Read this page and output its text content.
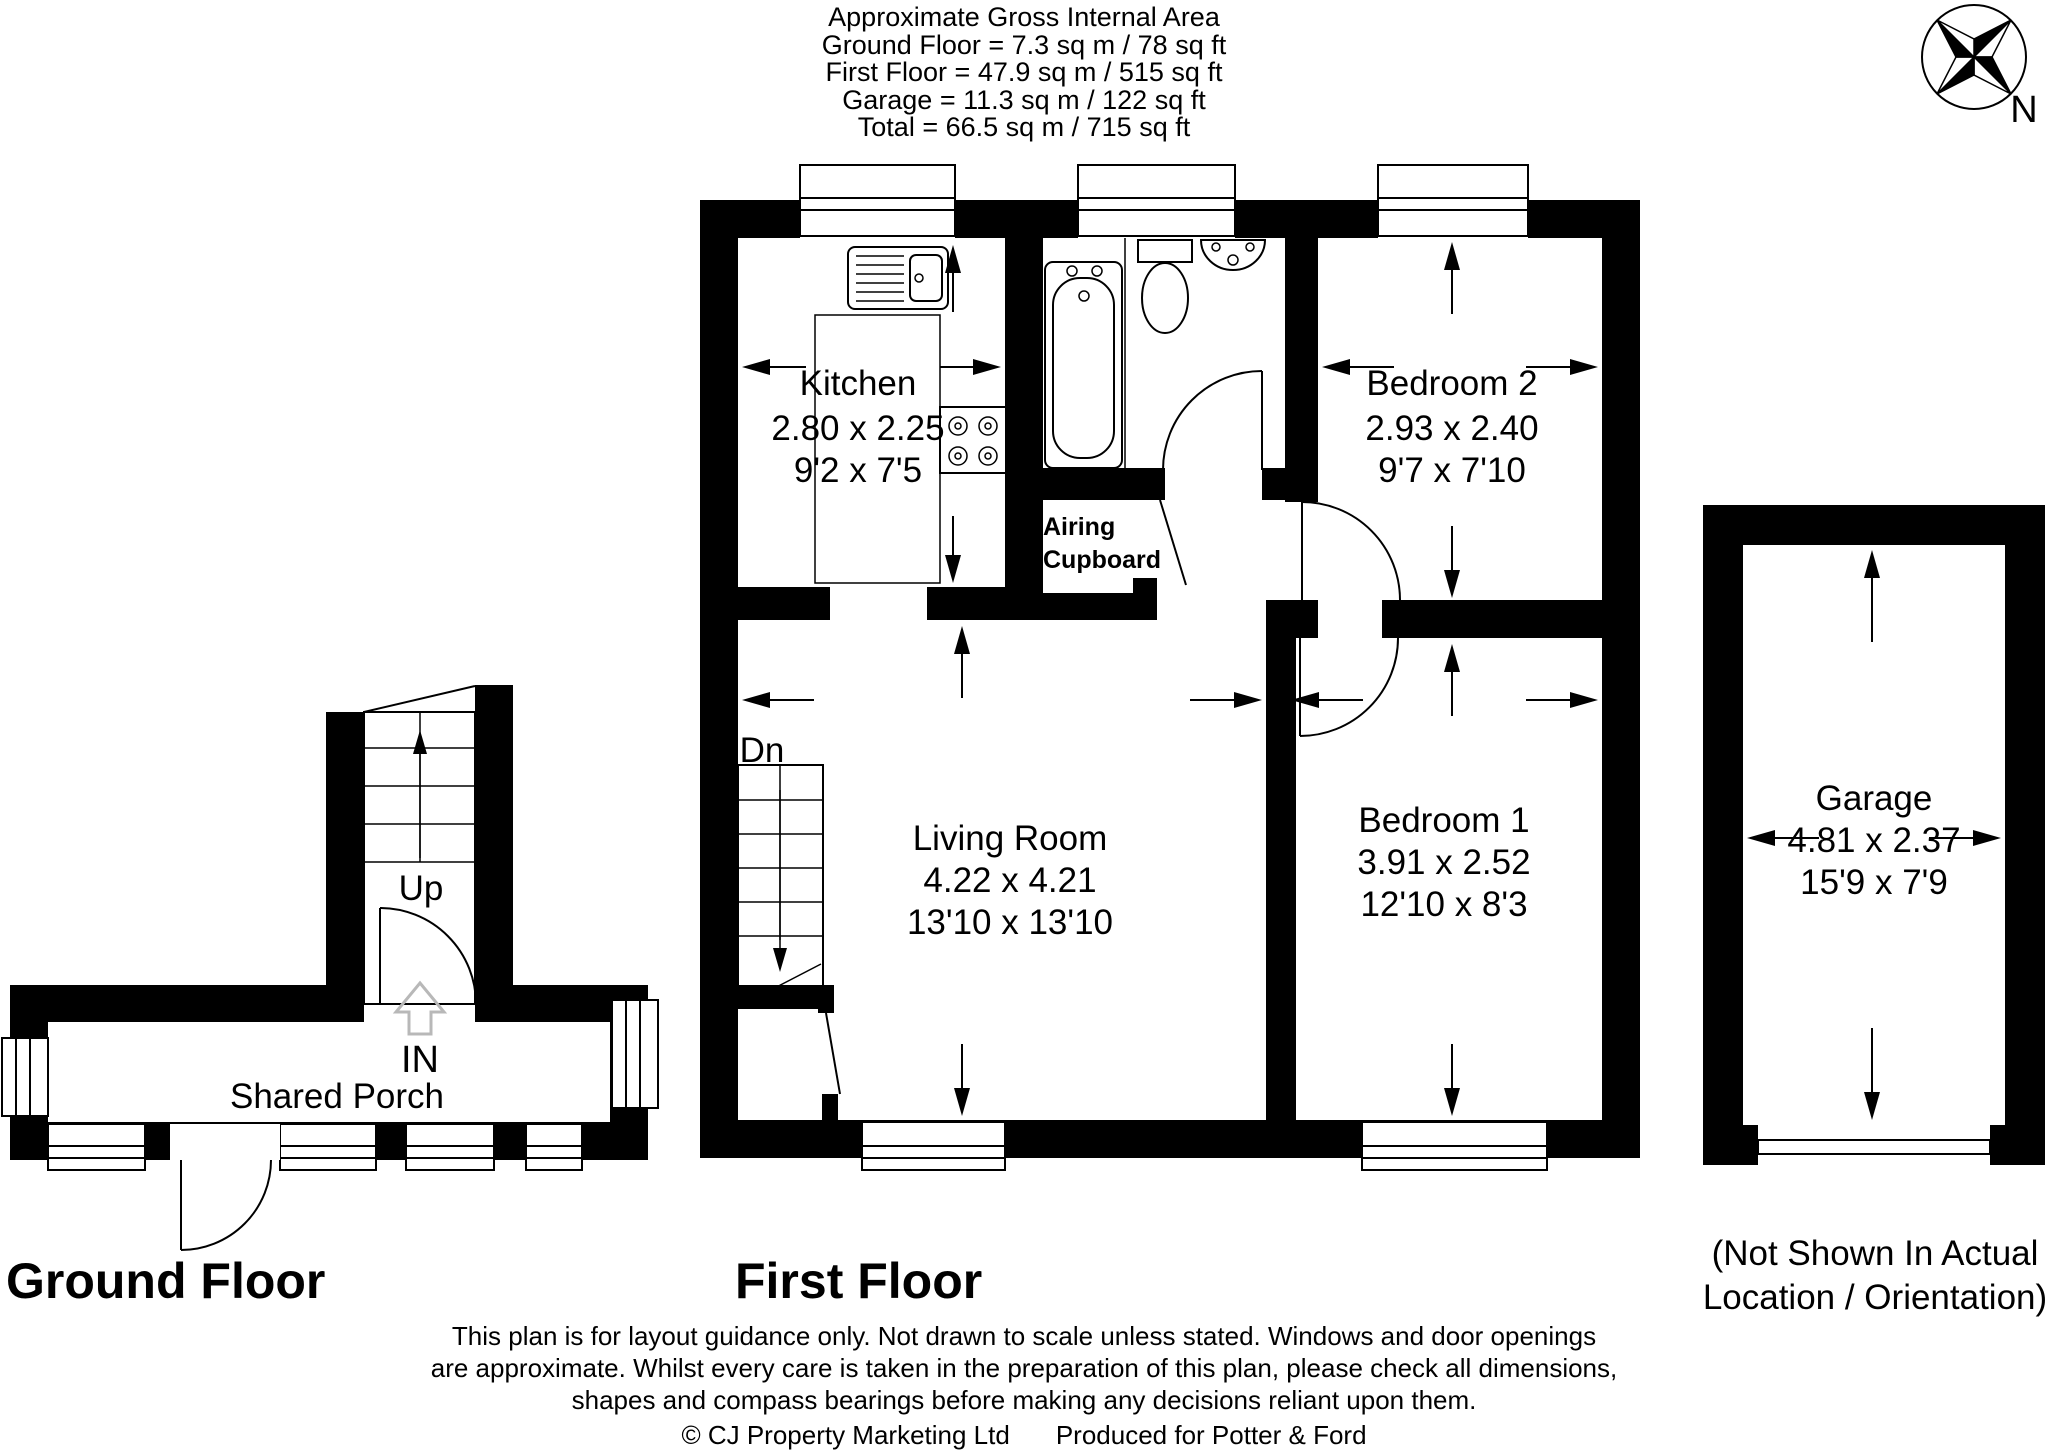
Approximate Gross Internal Area
Ground Floor = 7.3 sq m / 78 sq ft
First Floor = 47.9 sq m / 515 sq ft
Garage = 11.3 sq m / 122 sq ft
Total = 66.5 sq m / 715 sq ft
Kitchen
2.80 x 2.25
9'2 x 7'5
Living Room
4.22 x 4.21
13'10 x 13'10
Bedroom 2
2.93 x 2.40
9'7 x 7'10
Bedroom 1
3.91 x 2.52
12'10 x 8'3
Airing
Cupboard
Dn
Up
IN
Shared Porch
Garage
4.81 x 2.37
15'9 x 7'9
N
Ground Floor	First Floor	(Not Shown In Actual
Location / Orientation)
This plan is for layout guidance only. Not drawn to scale unless stated. Windows and door openings
are approximate. Whilst every care is taken in the preparation of this plan, please check all dimensions,
shapes and compass bearings before making any decisions reliant upon them.
© CJ Property Marketing Ltd Produced for Potter & Ford
